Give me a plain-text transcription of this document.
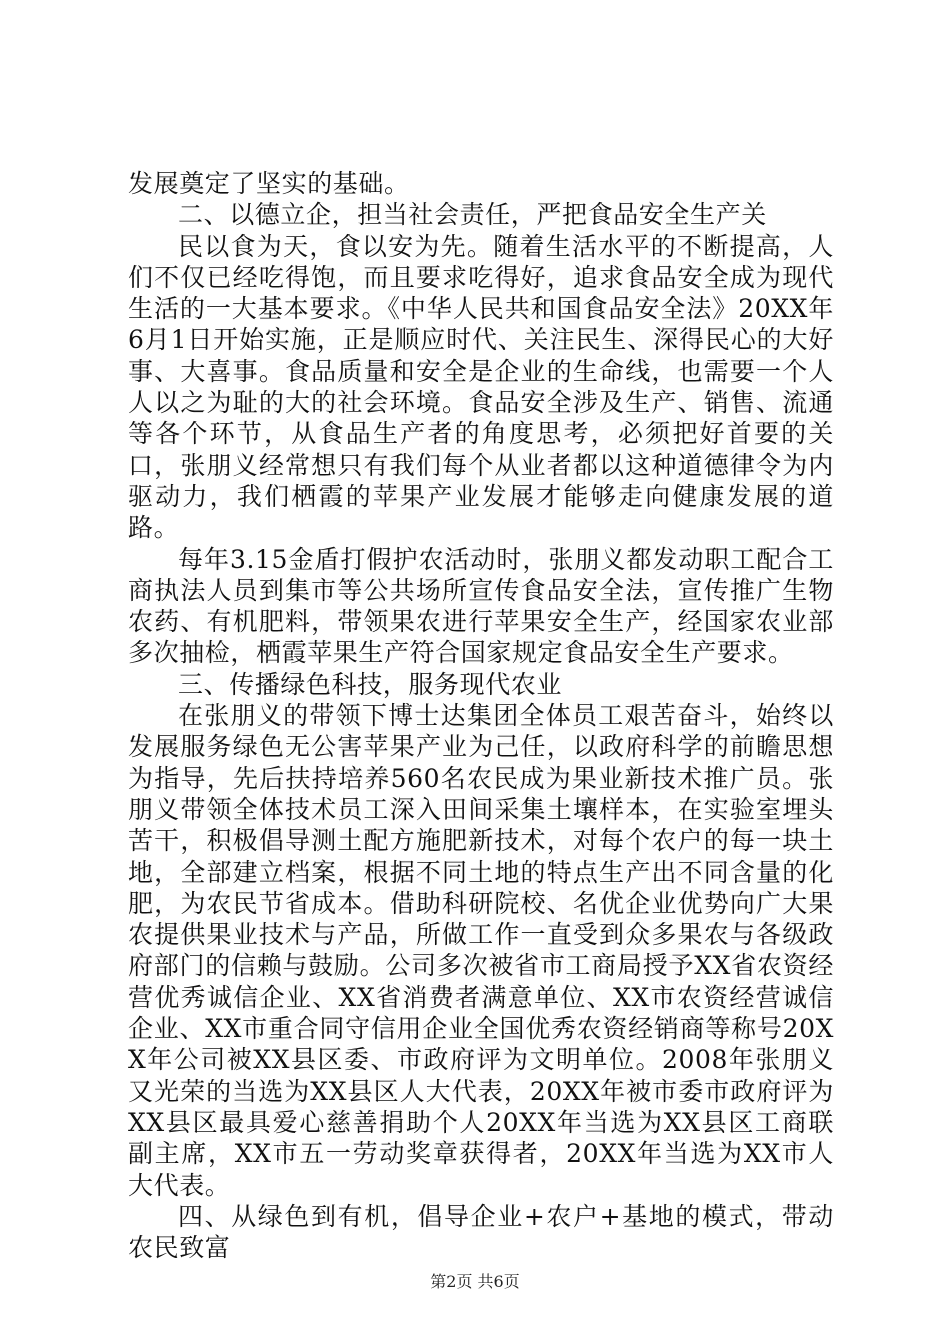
发展奠定了坚实的基础。

二、以德立企，担当社会责任，严把食品安全生产关

民以食为天，食以安为先。随着生活水平的不断提高，人们不仅已经吃得饱，而且要求吃得好，追求食品安全成为现代生活的一大基本要求。《中华人民共和国食品安全法》20XX年6月1日开始实施，正是顺应时代、关注民生、深得民心的大好事、大喜事。食品质量和安全是企业的生命线，也需要一个人人以之为耻的大的社会环境。食品安全涉及生产、销售、流通等各个环节，从食品生产者的角度思考，必须把好首要的关口，张朋义经常想只有我们每个从业者都以这种道德律令为内驱动力，我们栖霞的苹果产业发展才能够走向健康发展的道路。

每年3.15金盾打假护农活动时，张朋义都发动职工配合工商执法人员到集市等公共场所宣传食品安全法，宣传推广生物农药、有机肥料，带领果农进行苹果安全生产，经国家农业部多次抽检，栖霞苹果生产符合国家规定食品安全生产要求。

三、传播绿色科技，服务现代农业

在张朋义的带领下博士达集团全体员工艰苦奋斗，始终以发展服务绿色无公害苹果产业为己任，以政府科学的前瞻思想为指导，先后扶持培养560名农民成为果业新技术推广员。张朋义带领全体技术员工深入田间采集土壤样本，在实验室埋头苦干，积极倡导测土配方施肥新技术，对每个农户的每一块土地，全部建立档案，根据不同土地的特点生产出不同含量的化肥，为农民节省成本。借助科研院校、名优企业优势向广大果农提供果业技术与产品，所做工作一直受到众多果农与各级政府部门的信赖与鼓励。公司多次被省市工商局授予XX省农资经营优秀诚信企业、XX省消费者满意单位、XX市农资经营诚信企业、XX市重合同守信用企业全国优秀农资经销商等称号20XX年公司被XX县区委、市政府评为文明单位。2008年张朋义又光荣的当选为XX县区人大代表，20XX年被市委市政府评为XX县区最具爱心慈善捐助个人20XX年当选为XX县区工商联副主席，XX市五一劳动奖章获得者，20XX年当选为XX市人大代表。

四、从绿色到有机，倡导企业+农户+基地的模式，带动农民致富

第2页 共6页
